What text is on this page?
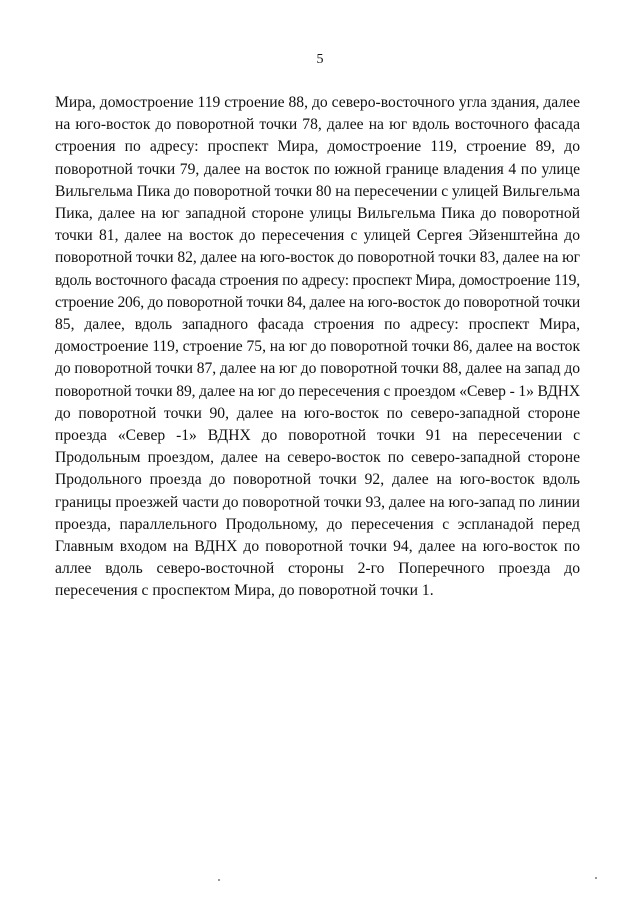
5

Мира, домостроение 119 строение 88, до северо-восточного угла здания, далее
на юго-восток до поворотной точки 78, далее на юг вдоль восточного фасада
строения по адресу: проспект Мира, домостроение 119, строение 89, до
поворотной точки 79, далее на восток по южной границе владения 4 по улице
Вильгельма Пика до поворотной точки 80 на пересечении с улицей Вильгельма
Пика, далее на юг западной стороне улицы Вильгельма Пика до поворотной
точки 81, далее на восток до пересечения с улицей Сергея Эйзенштейна до
поворотной точки 82, далее на юго-восток до поворотной точки 83, далее на юг
вдоль восточного фасада строения по адресу: проспект Мира, домостроение 119,
строение 206, до поворотной точки 84, далее на юго-восток до поворотной точки
85, далее, вдоль западного фасада строения по адресу: проспект Мира,
домостроение 119, строение 75, на юг до поворотной точки 86, далее на восток
до поворотной точки 87, далее на юг до поворотной точки 88, далее на запад до
поворотной точки 89, далее на юг до пересечения с проездом «Север - 1» ВДНХ
до поворотной точки 90, далее на юго-восток по северо-западной стороне
проезда «Север -1» ВДНХ до поворотной точки 91 на пересечении с
Продольным проездом, далее на северо-восток по северо-западной стороне
Продольного проезда до поворотной точки 92, далее на юго-восток вдоль
границы проезжей части до поворотной точки 93, далее на юго-запад по линии
проезда, параллельного Продольному, до пересечения с эспланадой перед
Главным входом на ВДНХ до поворотной точки 94, далее на юго-восток по
аллее вдоль северо-восточной стороны 2-го Поперечного проезда до
пересечения с проспектом Мира, до поворотной точки 1.
